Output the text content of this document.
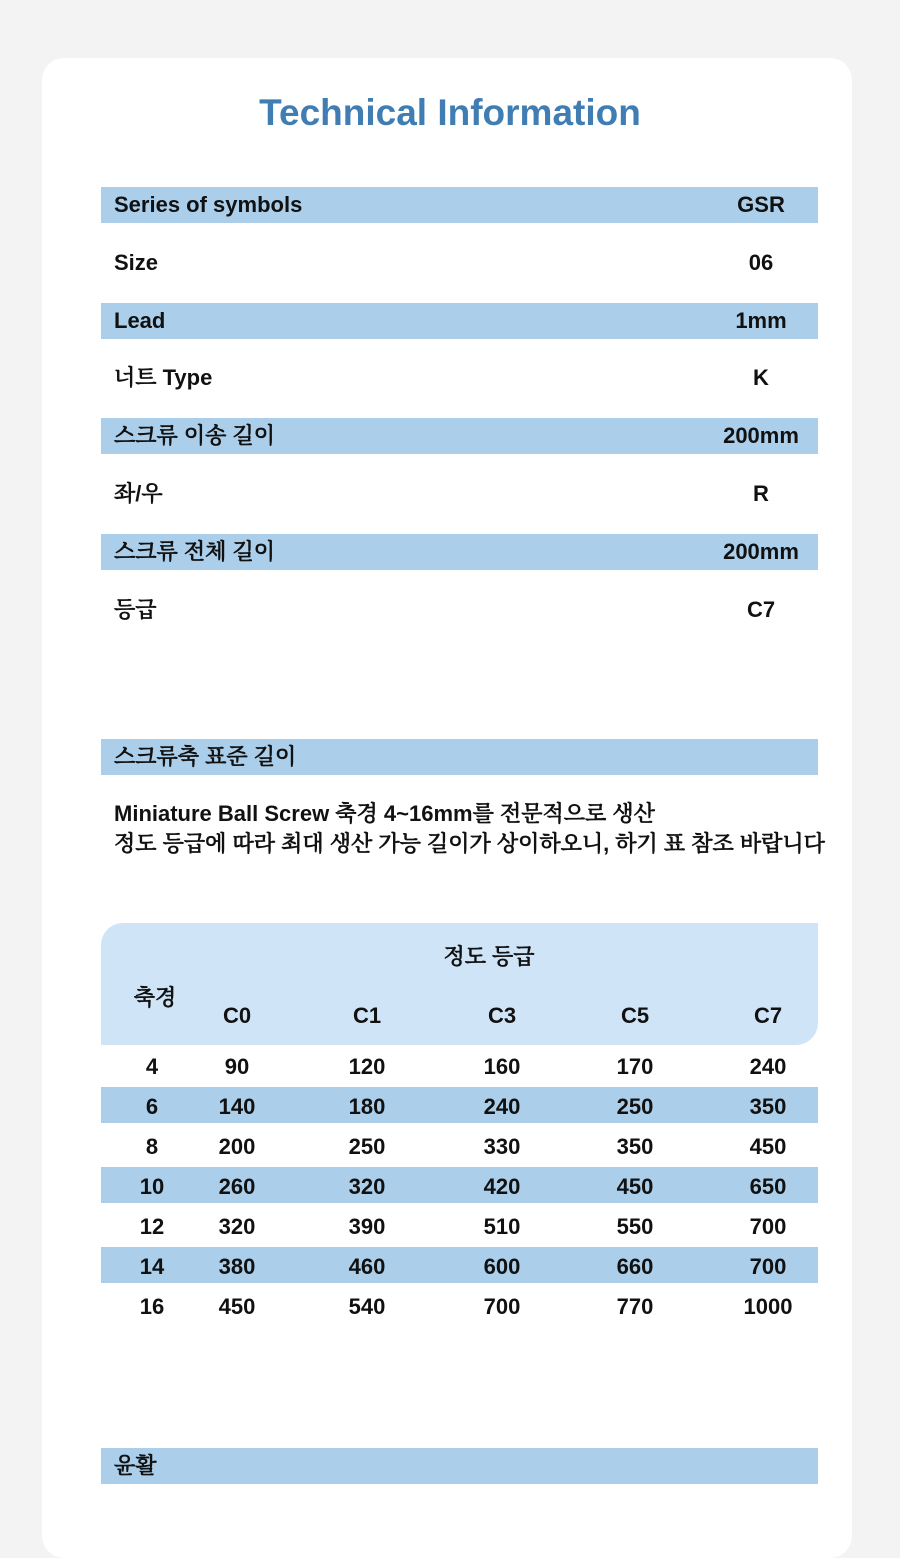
Technical Information
Series of symbols	GSR
Size	06
Lead	1mm
너트 Type	K
스크류 이송 길이	200mm
좌/우	R
스크류 전체 길이	200mm
등급	C7
스크류축 표준 길이
Miniature Ball Screw 축경 4~16mm를 전문적으로 생산
정도 등급에 따라 최대 생산 가능 길이가 상이하오니, 하기 표 참조 바랍니다
정도 등급
축경
C0	C1	C3	C5	C7
4	90	120	160	170	240
6	140	180	240	250	350
8	200	250	330	350	450
10	260	320	420	450	650
12	320	390	510	550	700
14	380	460	600	660	700
16	450	540	700	770	1000
윤활
